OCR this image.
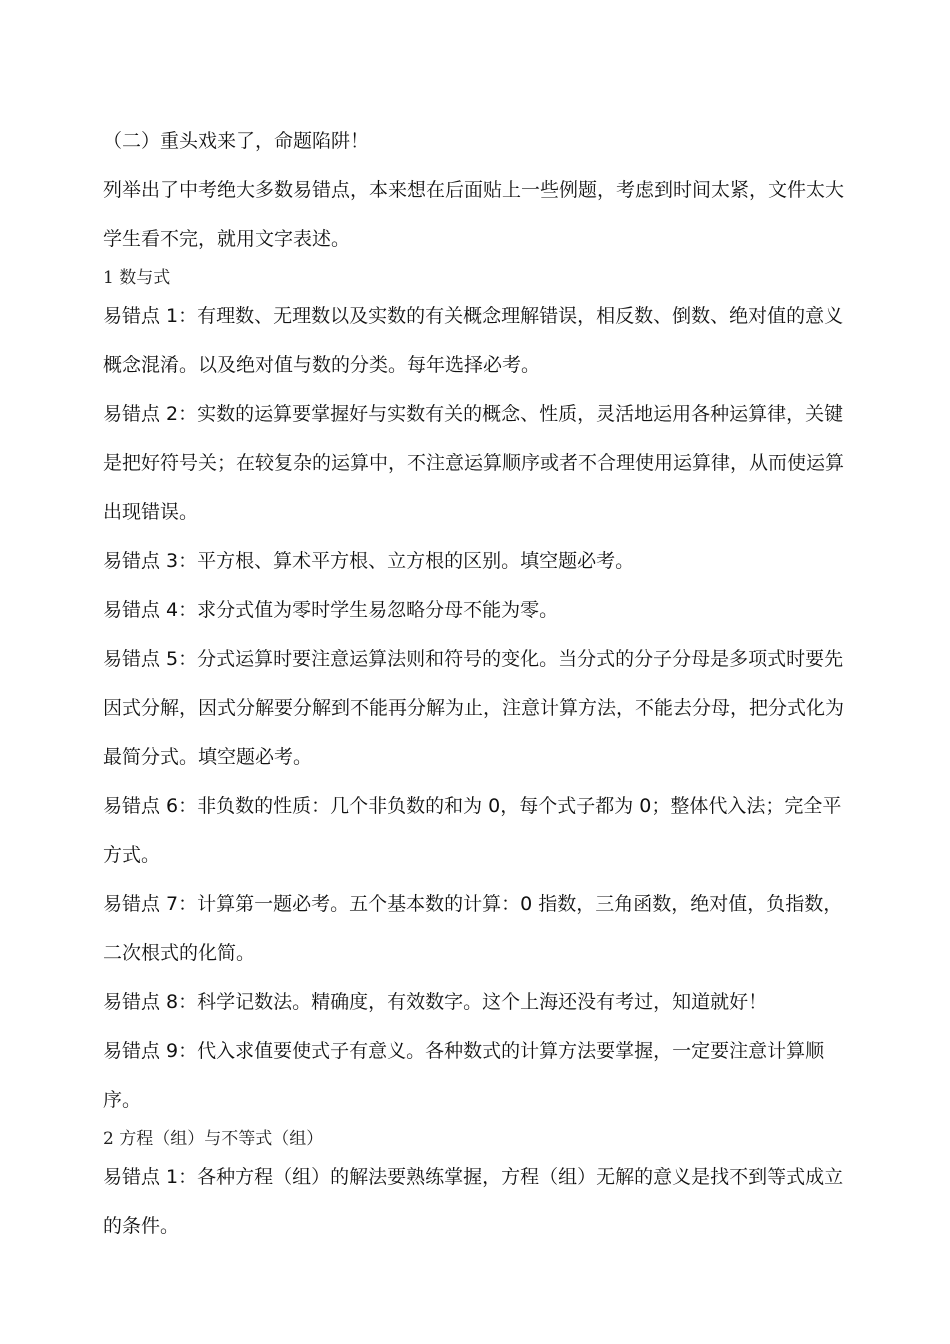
（二）重头戏来了，命题陷阱！

列举出了中考绝大多数易错点，本来想在后面贴上一些例题，考虑到时间太紧，文件太大学生看不完，就用文字表述。

1 数与式

易错点 1：有理数、无理数以及实数的有关概念理解错误，相反数、倒数、绝对值的意义概念混淆。以及绝对值与数的分类。每年选择必考。

易错点 2：实数的运算要掌握好与实数有关的概念、性质，灵活地运用各种运算律，关键是把好符号关；在较复杂的运算中，不注意运算顺序或者不合理使用运算律，从而使运算出现错误。

易错点 3：平方根、算术平方根、立方根的区别。填空题必考。

易错点 4：求分式值为零时学生易忽略分母不能为零。

易错点 5：分式运算时要注意运算法则和符号的变化。当分式的分子分母是多项式时要先因式分解，因式分解要分解到不能再分解为止，注意计算方法，不能去分母，把分式化为最简分式。填空题必考。

易错点 6：非负数的性质：几个非负数的和为 0，每个式子都为 0；整体代入法；完全平方式。

易错点 7：计算第一题必考。五个基本数的计算：0 指数，三角函数，绝对值，负指数，二次根式的化简。

易错点 8：科学记数法。精确度，有效数字。这个上海还没有考过，知道就好！

易错点 9：代入求值要使式子有意义。各种数式的计算方法要掌握，一定要注意计算顺序。

2 方程（组）与不等式（组）

易错点 1：各种方程（组）的解法要熟练掌握，方程（组）无解的意义是找不到等式成立的条件。
